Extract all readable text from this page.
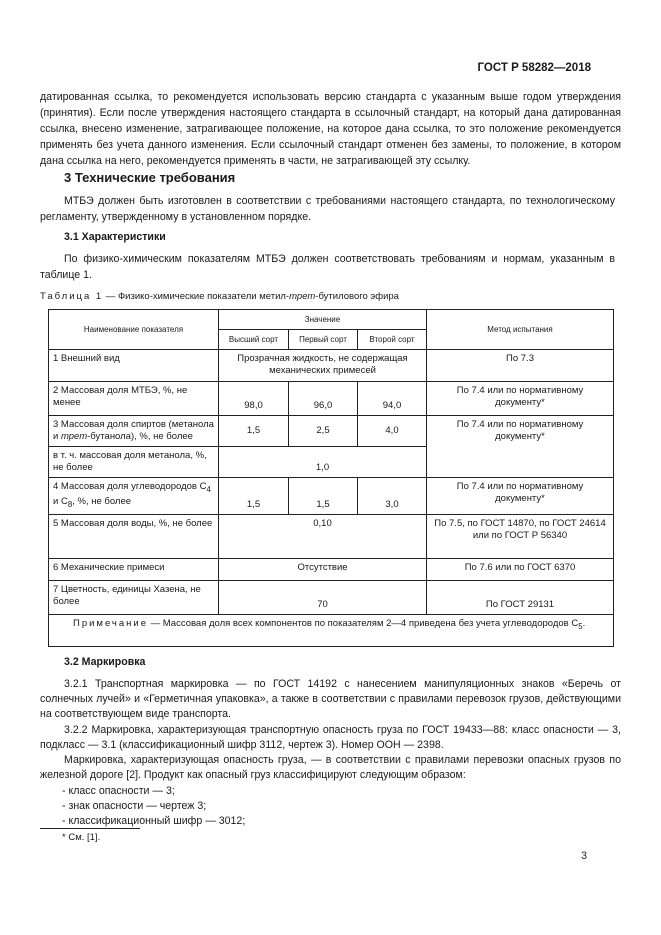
ГОСТ Р 58282—2018
датированная ссылка, то рекомендуется использовать версию стандарта с указанным выше годом утверждения (принятия). Если после утверждения настоящего стандарта в ссылочный стандарт, на который дана датированная ссылка, внесено изменение, затрагивающее положение, на которое дана ссылка, то это положение рекомендуется применять без учета данного изменения. Если ссылочный стандарт отменен без замены, то положение, в котором дана ссылка на него, рекомендуется применять в части, не затрагивающей эту ссылку.
3 Технические требования
МТБЭ должен быть изготовлен в соответствии с требованиями настоящего стандарта, по технологическому регламенту, утвержденному в установленном порядке.
3.1 Характеристики
По физико-химическим показателям МТБЭ должен соответствовать требованиям и нормам, указанным в таблице 1.
Таблица 1 — Физико-химические показатели метил-трет-бутилового эфира
Наименование показателя	Значение			Метод испытания
	Высший сорт	Первый сорт	Второй сорт	
1 Внешний вид	Прозрачная жидкость, не содержащая механических примесей			По 7.3
2 Массовая доля МТБЭ, %, не менее	98,0	96,0	94,0	По 7.4 или по нормативному документу*
3 Массовая доля спиртов (метанола и трет-бутанола), %, не более	1,5	2,5	4,0	По 7.4 или по нормативному документу*
в т. ч. массовая доля метанола, %, не более	1,0			
4 Массовая доля углеводородов $C_4$ и $C_8$, %, не более	1,5	1,5	3,0	По 7.4 или по нормативному документу*
5 Массовая доля воды, %, не более	0,10			По 7.5, по ГОСТ 14870, по ГОСТ 24614 или по ГОСТ Р 56340
6 Механические примеси	Отсутствие			По 7.6 или по ГОСТ 6370
7 Цветность, единицы Хазена, не более	70			По ГОСТ 29131
Примечание — Массовая доля всех компонентов по показателям 2—4 приведена без учета углеводородов $C_5$.				
3.2 Маркировка
3.2.1 Транспортная маркировка — по ГОСТ 14192 с нанесением манипуляционных знаков «Беречь от солнечных лучей» и «Герметичная упаковка», а также в соответствии с правилами перевозок грузов, действующими на соответствующем виде транспорта.
3.2.2 Маркировка, характеризующая транспортную опасность груза по ГОСТ 19433—88: класс опасности — 3, подкласс — 3.1 (классификационный шифр 3112, чертеж 3). Номер ООН — 2398.
Маркировка, характеризующая опасность груза, — в соответствии с правилами перевозки опасных грузов по железной дороге [2]. Продукт как опасный груз классифицируют следующим образом:
- класс опасности — 3;
- знак опасности — чертеж 3;
- классификационный шифр — 3012;
* См. [1].
3
